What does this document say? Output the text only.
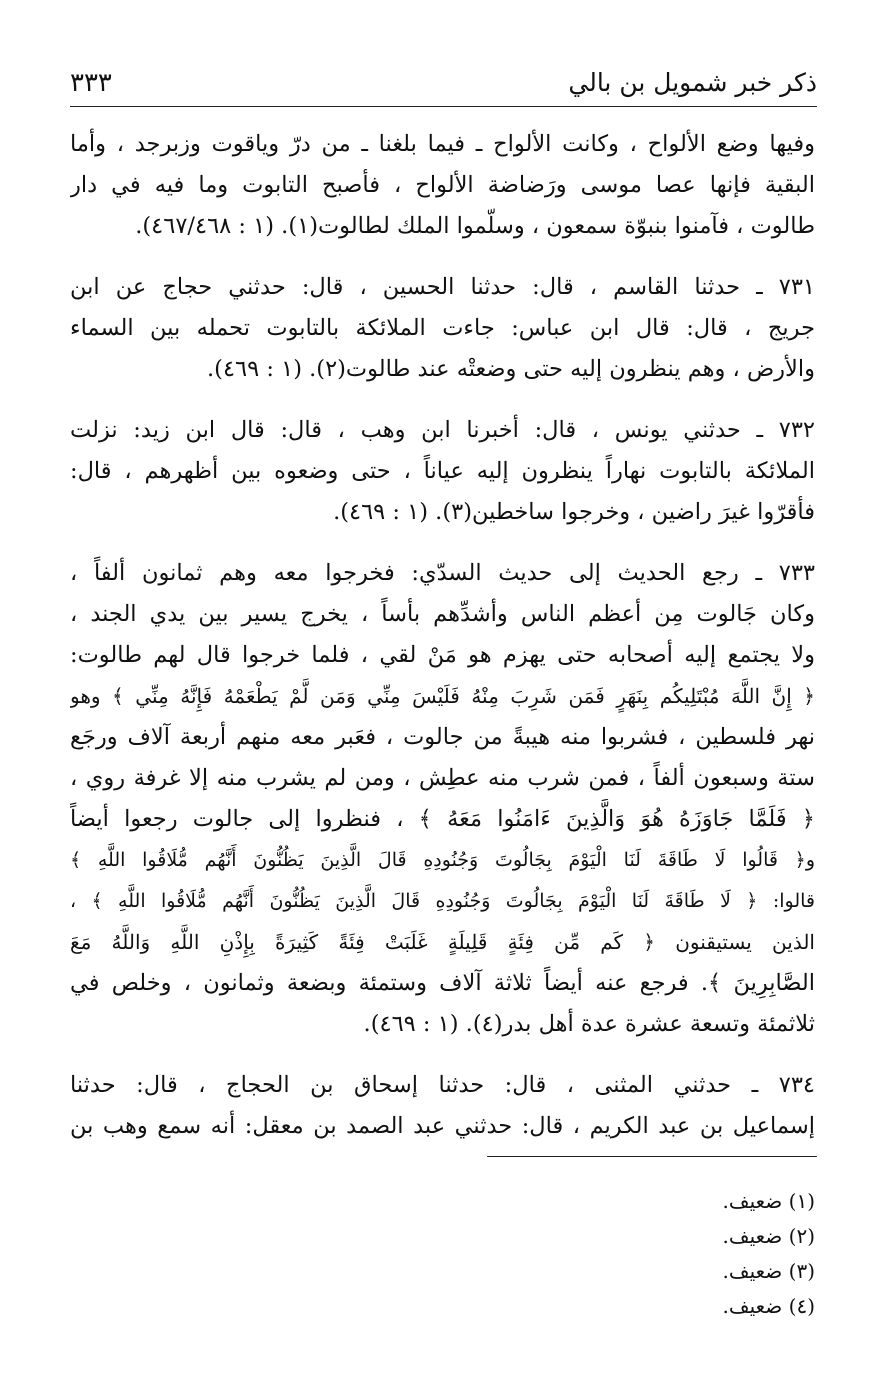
ذكر خبر شمويل بن بالي
٣٣٣
وفيها وضع الألواح ، وكانت الألواح ـ فيما بلغنا ـ من درّ وياقوت وزبرجد ، وأما
البقية فإنها عصا موسى ورَضاضة الألواح ، فأصبح التابوت وما فيه في دار
طالوت ، فآمنوا بنبوّة سمعون ، وسلّموا الملك لطالوت(١). (١ : ٤٦٧/٤٦٨).
٧٣١ ـ حدثنا القاسم ، قال: حدثنا الحسين ، قال: حدثني حجاج عن ابن
جريج ، قال: قال ابن عباس: جاءت الملائكة بالتابوت تحمله بين السماء
والأرض ، وهم ينظرون إليه حتى وضعتْه عند طالوت(٢). (١ : ٤٦٩).
٧٣٢ ـ حدثني يونس ، قال: أخبرنا ابن وهب ، قال: قال ابن زيد: نزلت
الملائكة بالتابوت نهاراً ينظرون إليه عياناً ، حتى وضعوه بين أظهرهم ، قال:
فأقرّوا غيرَ راضين ، وخرجوا ساخطين(٣). (١ : ٤٦٩).
٧٣٣ ـ رجع الحديث إلى حديث السدّي: فخرجوا معه وهم ثمانون ألفاً ،
وكان جَالوت مِن أعظم الناس وأشدِّهم بأساً ، يخرج يسير بين يدي الجند ،
ولا يجتمع إليه أصحابه حتى يهزم هو مَنْ لقي ، فلما خرجوا قال لهم طالوت:
﴿ إِنَّ اللَّهَ مُبْتَلِيكُم بِنَهَرٍ فَمَن شَرِبَ مِنْهُ فَلَيْسَ مِنِّي وَمَن لَّمْ يَطْعَمْهُ فَإِنَّهُ مِنِّي ﴾ وهو
نهر فلسطين ، فشربوا منه هيبةً من جالوت ، فعَبر معه منهم أربعة آلاف ورجَع
ستة وسبعون ألفاً ، فمن شرب منه عطِش ، ومن لم يشرب منه إلا غرفة روي ،
﴿ فَلَمَّا جَاوَزَهُ هُوَ وَالَّذِينَ ءَامَنُوا مَعَهُ ﴾ ، فنظروا إلى جالوت رجعوا أيضاً
و﴿ قَالُوا لَا طَاقَةَ لَنَا الْيَوْمَ بِجَالُوتَ وَجُنُودِهِ قَالَ الَّذِينَ يَظُنُّونَ أَنَّهُم مُّلَاقُوا اللَّهِ ﴾
قالوا: ﴿ لَا طَاقَةَ لَنَا الْيَوْمَ بِجَالُوتَ وَجُنُودِهِ قَالَ الَّذِينَ يَظُنُّونَ أَنَّهُم مُّلَاقُوا اللَّهِ ﴾ ،
الذين يستيقنون ﴿ كَم مِّن فِئَةٍ قَلِيلَةٍ غَلَبَتْ فِئَةً كَثِيرَةً بِإِذْنِ اللَّهِ وَاللَّهُ مَعَ
الصَّابِرِينَ ﴾. فرجع عنه أيضاً ثلاثة آلاف وستمئة وبضعة وثمانون ، وخلص في
ثلاثمئة وتسعة عشرة عدة أهل بدر(٤). (١ : ٤٦٩).
٧٣٤ ـ حدثني المثنى ، قال: حدثنا إسحاق بن الحجاج ، قال: حدثنا
إسماعيل بن عبد الكريم ، قال: حدثني عبد الصمد بن معقل: أنه سمع وهب بن
(١) ضعيف.
(٢) ضعيف.
(٣) ضعيف.
(٤) ضعيف.
